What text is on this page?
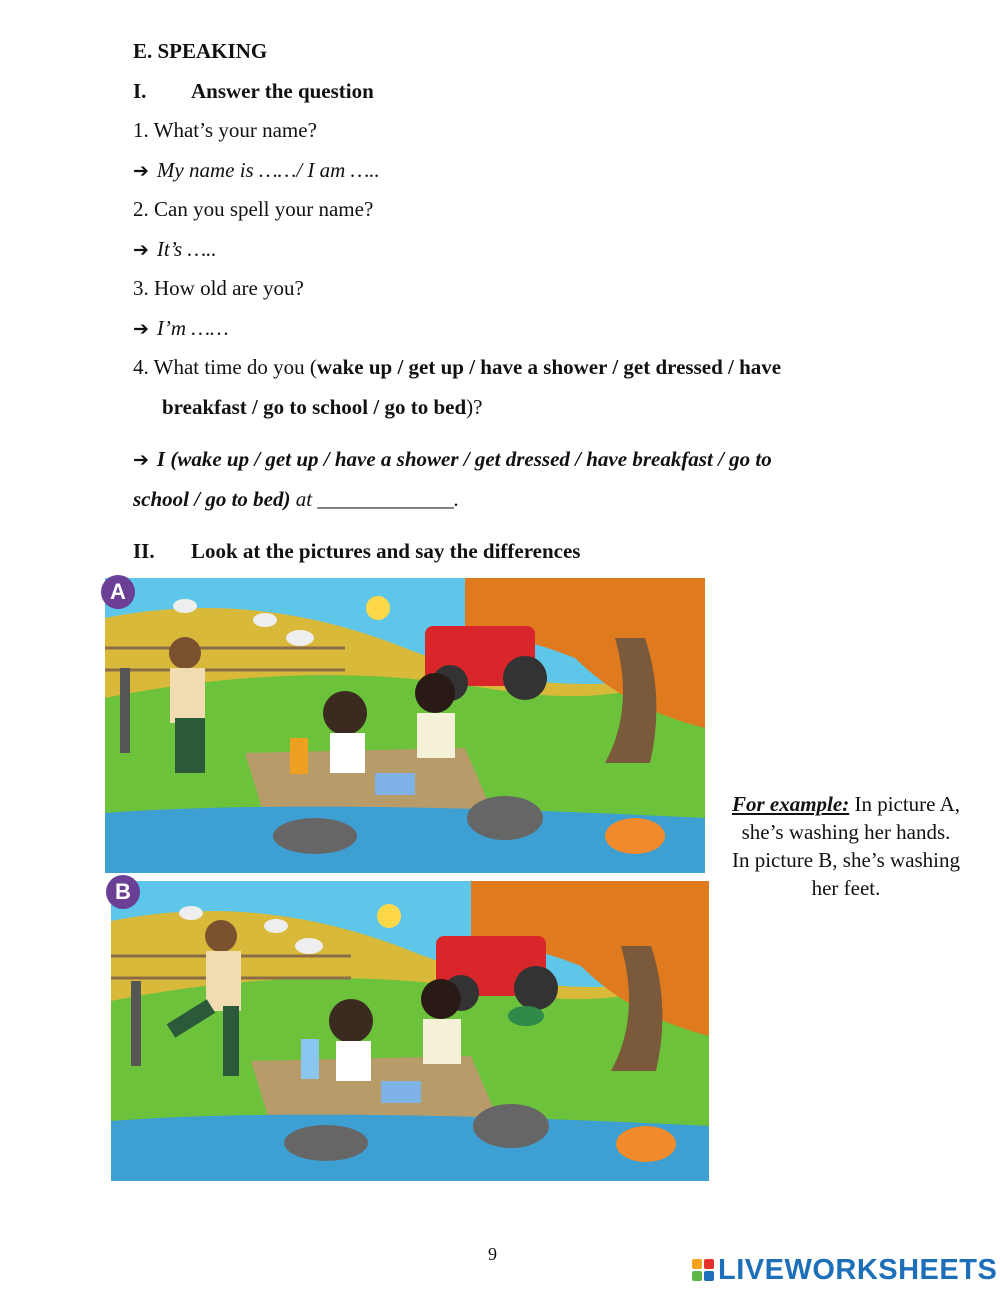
E. SPEAKING
I. Answer the question
1. What’s your name?
➔ My name is ……/ I am …..
2. Can you spell your name?
➔ It’s …..
3. How old are you?
➔ I’m ……
4. What time do you (wake up / get up / have a shower / get dressed / have
breakfast / go to school / go to bed)?
➔ I (wake up / get up / have a shower / get dressed / have breakfast / go to
school / go to bed) at _____________.
II. Look at the pictures and say the differences
A
B
For example: In picture A,
she’s washing her hands.
In picture B, she’s washing
her feet.
9	LIVEWORKSHEETS
